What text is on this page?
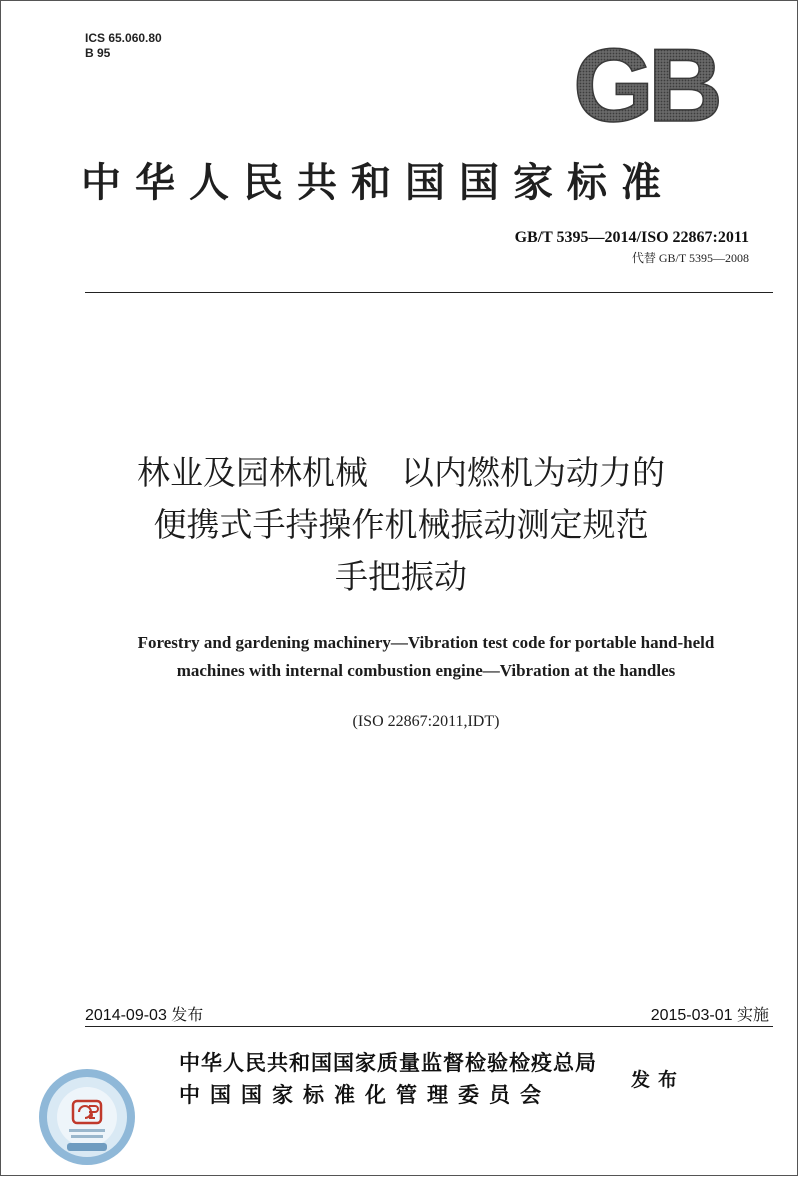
ICS 65.060.80
B 95	GB
中华人民共和国国家标准
GB/T 5395—2014/ISO 22867:2011
代替 GB/T 5395—2008
林业及园林机械　以内燃机为动力的
便携式手持操作机械振动测定规范
手把振动
Forestry and gardening machinery—Vibration test code for portable hand-held
machines with internal combustion engine—Vibration at the handles
(ISO 22867:2011,IDT)
2014-09-03 发布	2015-03-01 实施
中华人民共和国国家质量监督检验检疫总局
中国国家标准化管理委员会
发布
